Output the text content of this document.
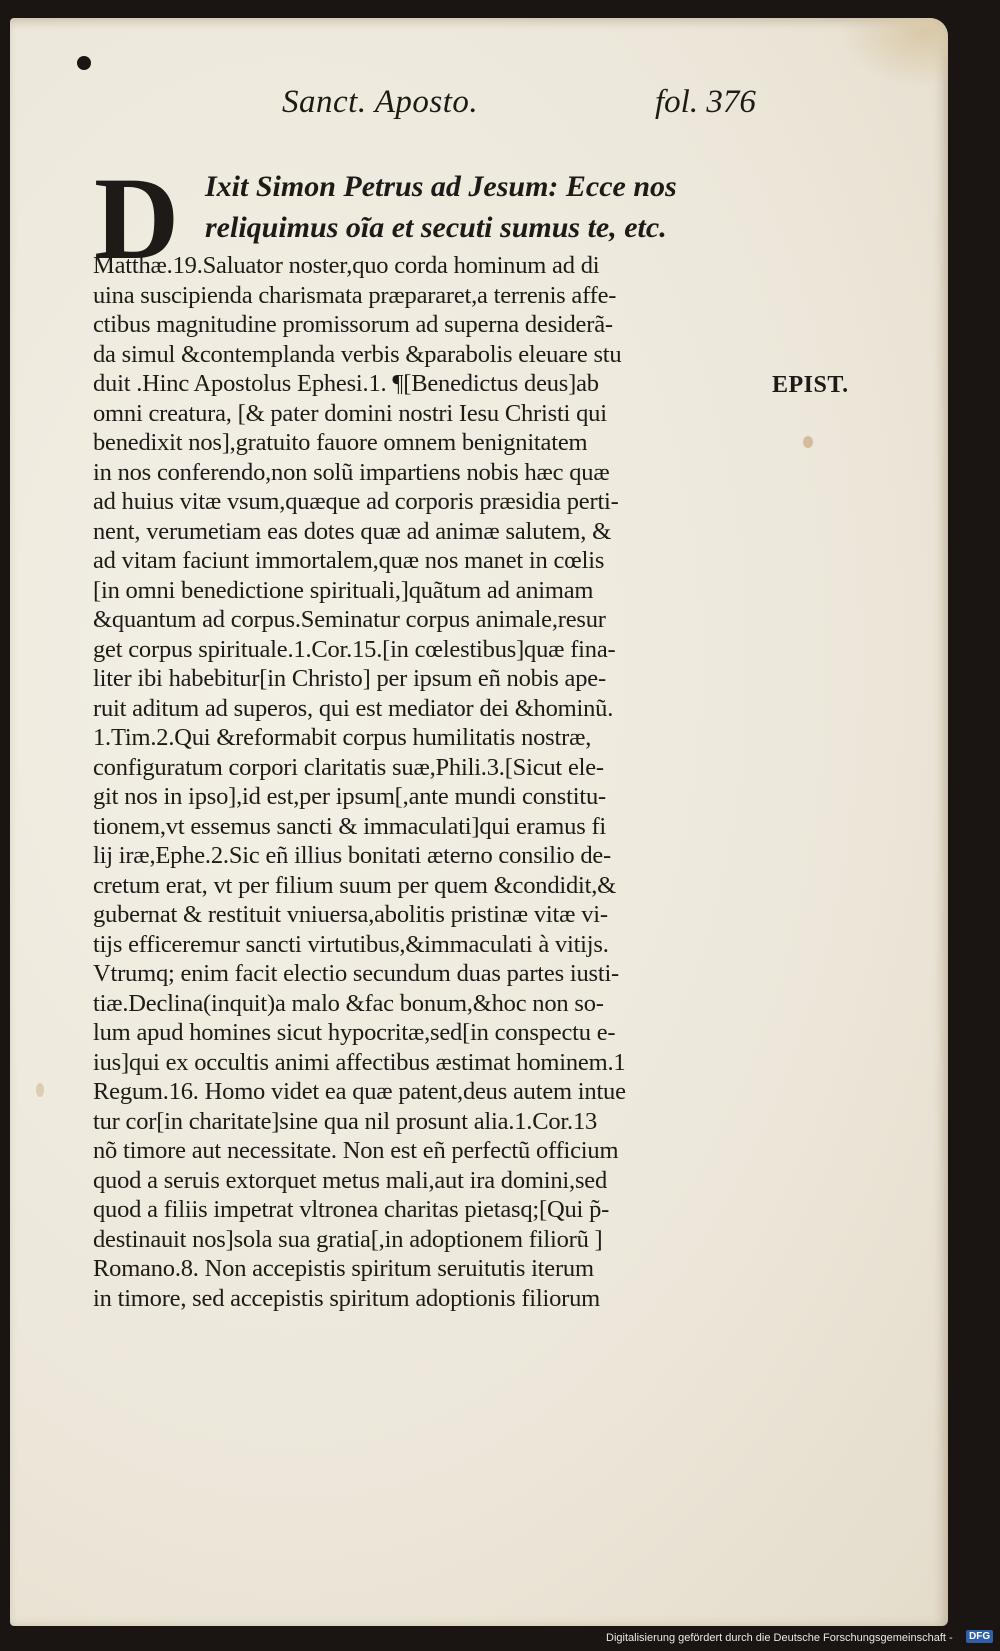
Sanct. Aposto.	fol. 376
D Ixit Simon Petrus ad Jesum: Ecce nos
reliquimus oĩa et secuti sumus te, etc.
EPIST.
Matthæ.19.Saluator noster,quo corda hominum ad di
uina suscipienda charismata præpararet,a terrenis affe-
ctibus magnitudine promissorum ad superna desiderã-
da simul &contemplanda verbis &parabolis eleuare stu
duit .Hinc Apostolus Ephesi.1. ¶[Benedictus deus]ab
omni creatura, [& pater domini nostri Iesu Christi qui
benedixit nos],gratuito fauore omnem benignitatem
in nos conferendo,non solũ impartiens nobis hæc quæ
ad huius vitæ vsum,quæque ad corporis præsidia perti-
nent, verumetiam eas dotes quæ ad animæ salutem, &
ad vitam faciunt immortalem,quæ nos manet in cœlis
[in omni benedictione spirituali,]quãtum ad animam
&quantum ad corpus.Seminatur corpus animale,resur
get corpus spirituale.1.Cor.15.[in cœlestibus]quæ fina-
liter ibi habebitur[in Christo] per ipsum eñ nobis ape-
ruit aditum ad superos, qui est mediator dei &hominũ.
1.Tim.2.Qui &reformabit corpus humilitatis nostræ,
configuratum corpori claritatis suæ,Phili.3.[Sicut ele-
git nos in ipso],id est,per ipsum[,ante mundi constitu-
tionem,vt essemus sancti & immaculati]qui eramus fi
lij iræ,Ephe.2.Sic eñ illius bonitati æterno consilio de-
cretum erat, vt per filium suum per quem &condidit,&
gubernat & restituit vniuersa,abolitis pristinæ vitæ vi-
tijs efficeremur sancti virtutibus,&immaculati à vitijs.
Vtrumq; enim facit electio secundum duas partes iusti-
tiæ.Declina(inquit)a malo &fac bonum,&hoc non so-
lum apud homines sicut hypocritæ,sed[in conspectu e-
ius]qui ex occultis animi affectibus æstimat hominem.1
Regum.16. Homo videt ea quæ patent,deus autem intue
tur cor[in charitate]sine qua nil prosunt alia.1.Cor.13
nõ timore aut necessitate. Non est eñ perfectũ officium
quod a seruis extorquet metus mali,aut ira domini,sed
quod a filiis impetrat vltronea charitas pietasq;[Qui p̃-
destinauit nos]sola sua gratia[,in adoptionem filiorũ ]
Romano.8. Non accepistis spiritum seruitutis iterum
in timore, sed accepistis spiritum adoptionis filiorum
Digitalisierung gefördert durch die Deutsche Forschungsgemeinschaft -	DFG
